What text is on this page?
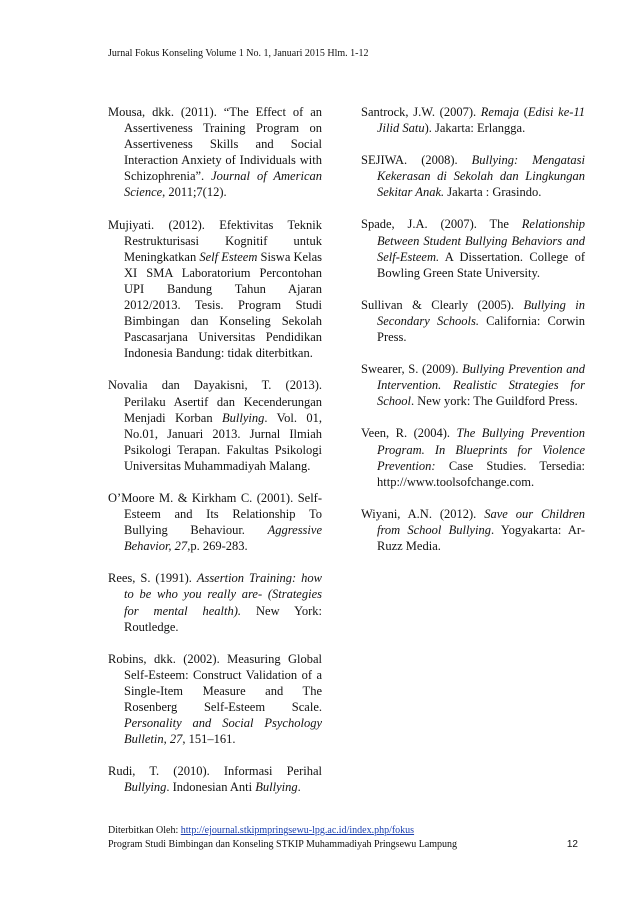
Jurnal Fokus Konseling Volume 1 No. 1, Januari 2015 Hlm. 1-12

Mousa, dkk. (2011). “The Effect of an Assertiveness Training Program on Assertiveness Skills and Social Interaction Anxiety of Individuals with Schizophrenia”. Journal of American Science, 2011;7(12).

Mujiyati. (2012). Efektivitas Teknik Restrukturisasi Kognitif untuk Meningkatkan Self Esteem Siswa Kelas XI SMA Laboratorium Percontohan UPI Bandung Tahun Ajaran 2012/2013. Tesis. Program Studi Bimbingan dan Konseling Sekolah Pascasarjana Universitas Pendidikan Indonesia Bandung: tidak diterbitkan.

Novalia dan Dayakisni, T. (2013). Perilaku Asertif dan Kecenderungan Menjadi Korban Bullying. Vol. 01, No.01, Januari 2013. Jurnal Ilmiah Psikologi Terapan. Fakultas Psikologi Universitas Muhammadiyah Malang.

O’Moore M. & Kirkham C. (2001). Self-Esteem and Its Relationship To Bullying Behaviour. Aggressive Behavior, 27,p. 269-283.

Rees, S. (1991). Assertion Training: how to be who you really are- (Strategies for mental health). New York: Routledge.

Robins, dkk. (2002). Measuring Global Self-Esteem: Construct Validation of a Single-Item Measure and The Rosenberg Self-Esteem Scale. Personality and Social Psychology Bulletin, 27, 151–161.

Rudi, T. (2010). Informasi Perihal Bullying. Indonesian Anti Bullying.

Santrock, J.W. (2007). Remaja (Edisi ke-11 Jilid Satu). Jakarta: Erlangga.

SEJIWA. (2008). Bullying: Mengatasi Kekerasan di Sekolah dan Lingkungan Sekitar Anak. Jakarta : Grasindo.

Spade, J.A. (2007). The Relationship Between Student Bullying Behaviors and Self-Esteem. A Dissertation. College of Bowling Green State University.

Sullivan & Clearly (2005). Bullying in Secondary Schools. California: Corwin Press.

Swearer, S. (2009). Bullying Prevention and Intervention. Realistic Strategies for School. New york: The Guildford Press.

Veen, R. (2004). The Bullying Prevention Program. In Blueprints for Violence Prevention: Case Studies. Tersedia: http://www.toolsofchange.com.

Wiyani, A.N. (2012). Save our Children from School Bullying. Yogyakarta: Ar-Ruzz Media.

Diterbitkan Oleh: http://ejournal.stkipmpringsewu-lpg.ac.id/index.php/fokus
Program Studi Bimbingan dan Konseling STKIP Muhammadiyah Pringsewu Lampung	12
